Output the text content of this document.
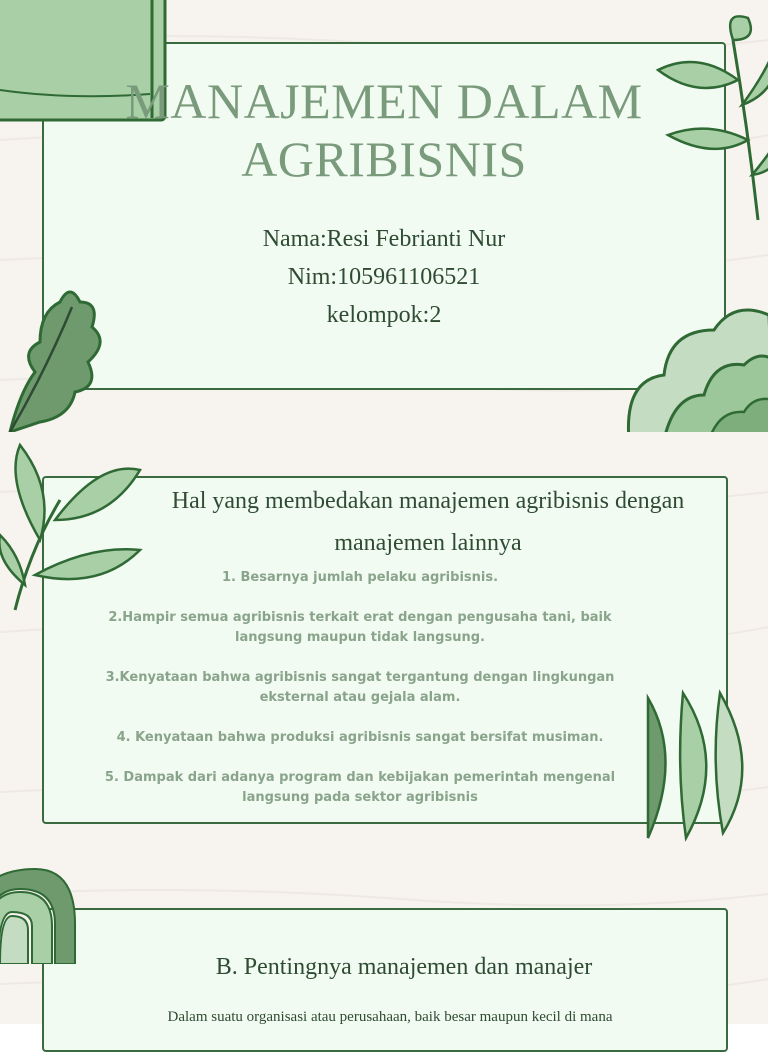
MANAJEMEN DALAM
AGRIBISNIS
Nama:Resi Febrianti Nur
Nim:105961106521
kelompok:2
Hal yang membedakan manajemen agribisnis dengan
manajemen lainnya
1. Besarnya jumlah pelaku agribisnis.
2.Hampir semua agribisnis terkait erat dengan pengusaha tani, baik
langsung maupun tidak langsung.
3.Kenyataan bahwa agribisnis sangat tergantung dengan lingkungan
eksternal atau gejala alam.
4. Kenyataan bahwa produksi agribisnis sangat bersifat musiman.
5. Dampak dari adanya program dan kebijakan pemerintah mengenal
langsung pada sektor agribisnis
B. Pentingnya manajemen dan manajer
Dalam suatu organisasi atau perusahaan, baik besar maupun kecil di mana
